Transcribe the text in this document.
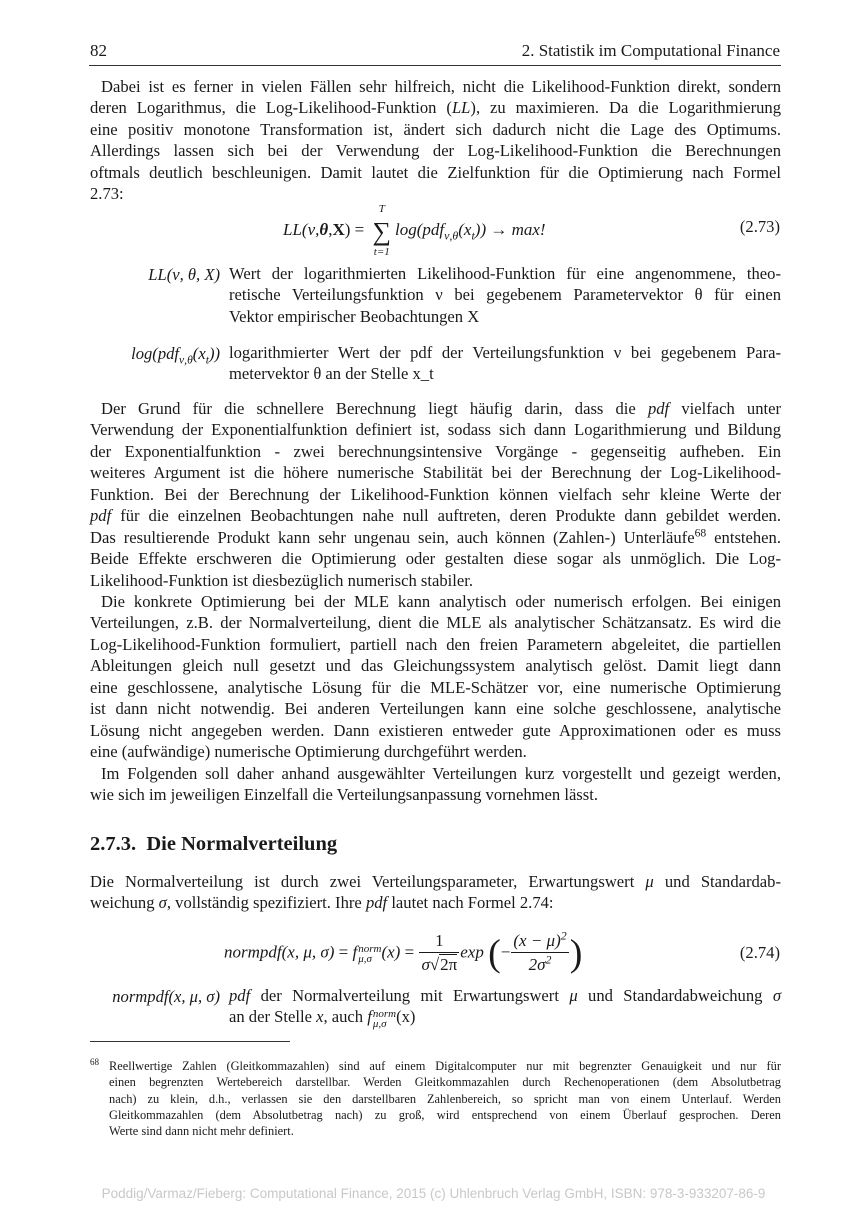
82	2. Statistik im Computational Finance
Dabei ist es ferner in vielen Fällen sehr hilfreich, nicht die Likelihood-Funktion direkt, sondern
deren Logarithmus, die Log-Likelihood-Funktion (LL), zu maximieren. Da die Logarithmierung
eine positiv monotone Transformation ist, ändert sich dadurch nicht die Lage des Optimums.
Allerdings lassen sich bei der Verwendung der Log-Likelihood-Funktion die Berechnungen
oftmals deutlich beschleunigen. Damit lautet die Zielfunktion für die Optimierung nach Formel
2.73:
LL(ν,θ,X) = ∑
T
t=1
$\log(pdf_{\nu,\theta}(x_t)) \to \max$!	(2.73)
LL(ν, θ, X) Wert der logarithmierten Likelihood-Funktion für eine angenommene, theo-
retische Verteilungsfunktion ν bei gegebenem Parametervektor θ für einen
Vektor empirischer Beobachtungen X
$\log(pdf_{\nu,\theta}(x_t))$ logarithmierter Wert der pdf der Verteilungsfunktion ν bei gegebenem Para-
metervektor θ an der Stelle x_t
Der Grund für die schnellere Berechnung liegt häufig darin, dass die pdf vielfach unter
Verwendung der Exponentialfunktion definiert ist, sodass sich dann Logarithmierung und Bildung
der Exponentialfunktion - zwei berechnungsintensive Vorgänge - gegenseitig aufheben. Ein
weiteres Argument ist die höhere numerische Stabilität bei der Berechnung der Log-Likelihood-
Funktion. Bei der Berechnung der Likelihood-Funktion können vielfach sehr kleine Werte der
pdf für die einzelnen Beobachtungen nahe null auftreten, deren Produkte dann gebildet werden.
Das resultierende Produkt kann sehr ungenau sein, auch können (Zahlen-) Unterläufe$^{68}$ entstehen.
Beide Effekte erschweren die Optimierung oder gestalten diese sogar als unmöglich. Die Log-
Likelihood-Funktion ist diesbezüglich numerisch stabiler.
Die konkrete Optimierung bei der MLE kann analytisch oder numerisch erfolgen. Bei einigen
Verteilungen, z.B. der Normalverteilung, dient die MLE als analytischer Schätzansatz. Es wird die
Log-Likelihood-Funktion formuliert, partiell nach den freien Parametern abgeleitet, die partiellen
Ableitungen gleich null gesetzt und das Gleichungssystem analytisch gelöst. Damit liegt dann
eine geschlossene, analytische Lösung für die MLE-Schätzer vor, eine numerische Optimierung
ist dann nicht notwendig. Bei anderen Verteilungen kann eine solche geschlossene, analytische
Lösung nicht angegeben werden. Dann existieren entweder gute Approximationen oder es muss
eine (aufwändige) numerische Optimierung durchgeführt werden.
Im Folgenden soll daher anhand ausgewählter Verteilungen kurz vorgestellt und gezeigt werden,
wie sich im jeweiligen Einzelfall die Verteilungsanpassung vornehmen lässt.
2.7.3. Die Normalverteilung
Die Normalverteilung ist durch zwei Verteilungsparameter, Erwartungswert μ und Standardab-
weichung σ, vollständig spezifiziert. Ihre pdf lautet nach Formel 2.74:
normpdf(x, μ, σ) = f norm
μ,σ $(x) = \frac{1}{\sigma√2\pi}$ exp (− $\frac{(x - \mu)^2}{2\sigma^2}$ )	(2.74)
normpdf(x, μ, σ) pdf der Normalverteilung mit Erwartungswert μ und Standardabweichung σ
an der Stelle x, auch f norm
μ,σ (x)
68 Reellwertige Zahlen (Gleitkommazahlen) sind auf einem Digitalcomputer nur mit begrenzter Genauigkeit und nur für
einen begrenzten Wertebereich darstellbar. Werden Gleitkommazahlen durch Rechenoperationen (dem Absolutbetrag
nach) zu klein, d.h., verlassen sie den darstellbaren Zahlenbereich, so spricht man von einem Unterlauf. Werden
Gleitkommazahlen (dem Absolutbetrag nach) zu groß, wird entsprechend von einem Überlauf gesprochen. Deren
Werte sind dann nicht mehr definiert.
Poddig/Varmaz/Fieberg: Computational Finance, 2015 (c) Uhlenbruch Verlag GmbH, ISBN: 978-3-933207-86-9
